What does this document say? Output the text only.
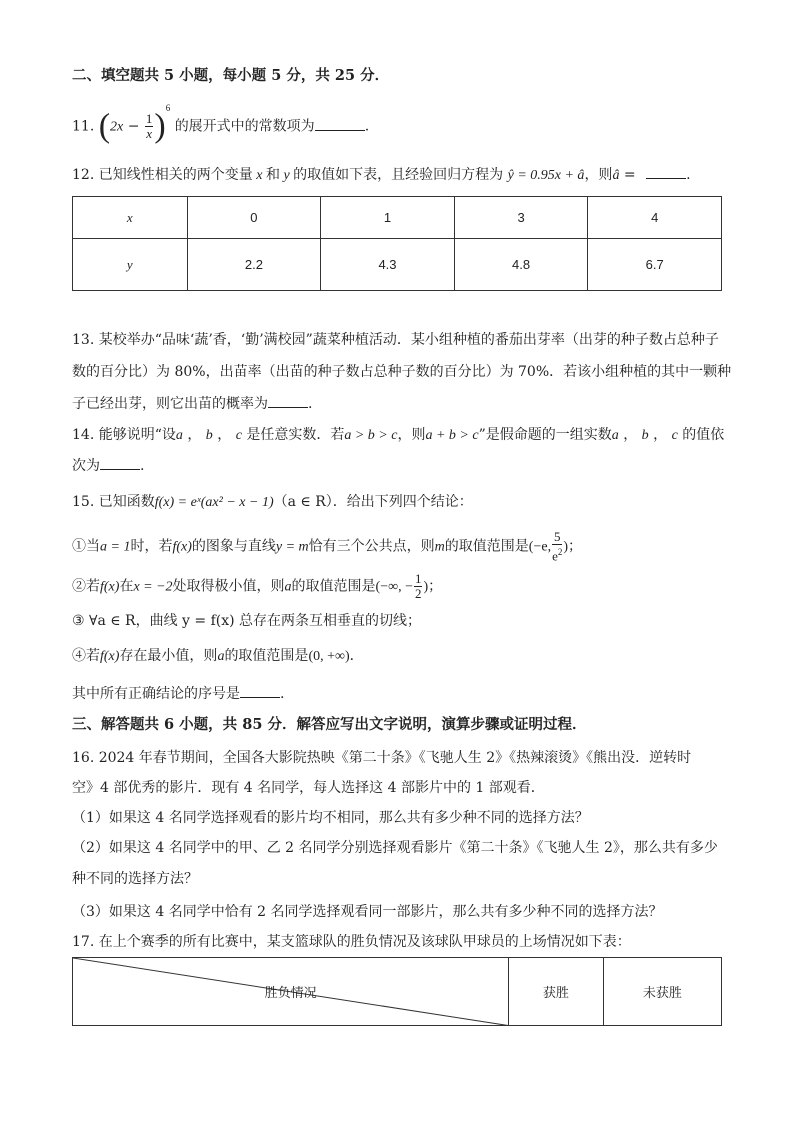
二、填空题共 5 小题，每小题 5 分，共 25 分．
11. $(2x - \frac{1}{x} )^6$ 的展开式中的常数项为	.
12. 已知线性相关的两个变量 x 和 y 的取值如下表，且经验回归方程为 ŷ = 0.95x + â，则â =	.
x	0	1	3	4
y	2.2	4.3	4.8	6.7
13. 某校举办“品味‘蔬’香，‘勤’满校园”蔬菜种植活动．某小组种植的番茄出芽率（出芽的种子数占总种子
数的百分比）为 80%，出苗率（出苗的种子数占总种子数的百分比）为 70%．若该小组种植的其中一颗种
子已经出芽，则它出苗的概率为	.
14. 能够说明“设a ， b ， c 是任意实数．若a > b > c，则a + b > c”是假命题的一组实数a ， b ， c 的值依
次为	.
15. 已知函数f(x) = eˣ(ax² − x − 1)（a ∈ R）．给出下列四个结论：
①当a = 1时，若f(x)的图象与直线y = m恰有三个公共点，则m的取值范围是(−e, $\frac{5}{e^2}$ )；
②若f(x)在x = −2处取得极小值，则a的取值范围是(−∞, − $\frac{1}{2}$ )；
③ ∀a ∈ R，曲线 y = f(x) 总存在两条互相垂直的切线；
④若f(x)存在最小值，则a的取值范围是(0, +∞)．
其中所有正确结论的序号是	.
三、解答题共 6 小题，共 85 分．解答应写出文字说明，演算步骤或证明过程．
16. 2024 年春节期间，全国各大影院热映《第二十条》《飞驰人生 2》《热辣滚烫》《熊出没．逆转时
空》4 部优秀的影片．现有 4 名同学，每人选择这 4 部影片中的 1 部观看．
（1）如果这 4 名同学选择观看的影片均不相同，那么共有多少种不同的选择方法？
（2）如果这 4 名同学中的甲、乙 2 名同学分别选择观看影片《第二十条》《飞驰人生 2》，那么共有多少
种不同的选择方法？
（3）如果这 4 名同学中恰有 2 名同学选择观看同一部影片，那么共有多少种不同的选择方法？
17. 在上个赛季的所有比赛中，某支篮球队的胜负情况及该球队甲球员的上场情况如下表：
胜负情况	获胜	未获胜
